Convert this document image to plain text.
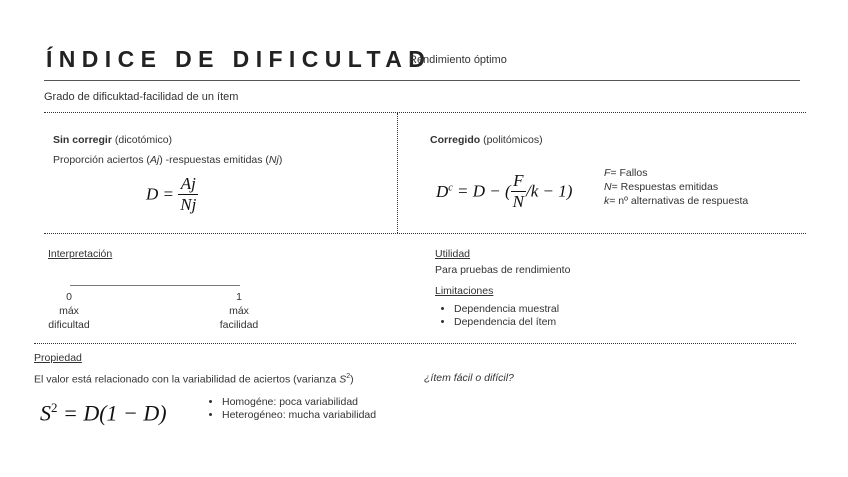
ÍNDICE DE DIFICULTAD
Rendimiento óptimo
Grado de dificuktad-facilidad de un ítem
Sin corregir (dicotómico)
Proporción aciertos (Aj) -respuestas emitidas (Nj)
$D = \frac{Aj}{Nj}$
Corregido (politómicos)
$D^c = D$ − ( $\frac{F}{N} /k - 1$)
F= Fallos
N= Respuestas emitidas
k= nº alternativas de respuesta
Interpretación
0
máx
dificultad
1
máx
facilidad
Utilidad
Para pruebas de rendimiento
Limitaciones
• Dependencia muestral
• Dependencia del ítem
Propiedad
El valor está relacionado con la variabilidad de aciertos (varianza $S^2$)	¿ítem fácil o difícil?
$S^2 = D(1 - D)$
•	Homogéne: poca variabilidad
• Heterogéneo: mucha variabilidad
